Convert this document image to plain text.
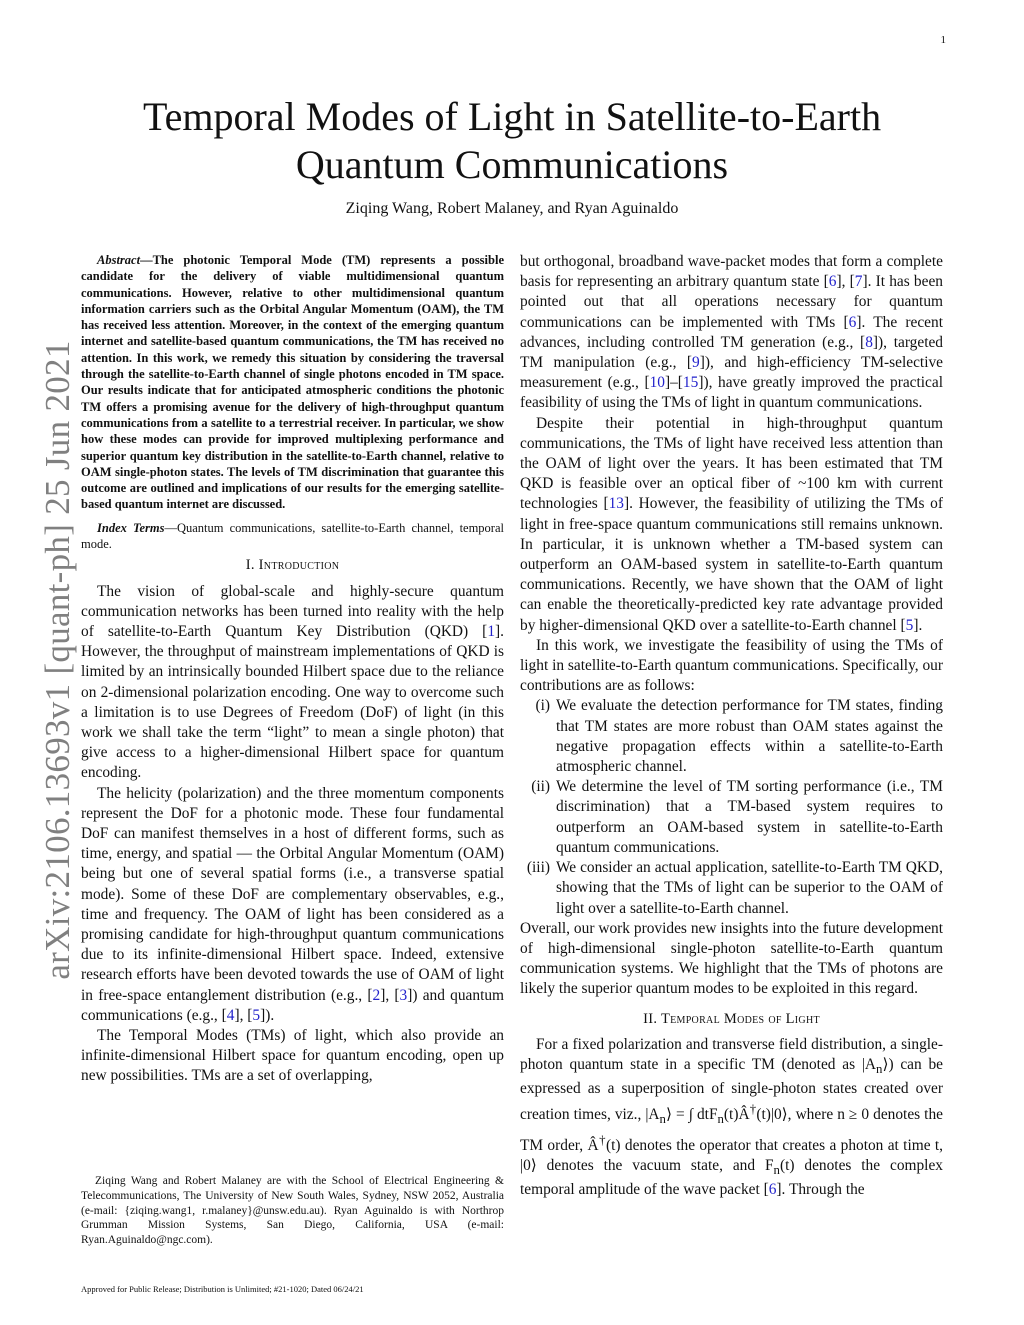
1
arXiv:2106.13693v1 [quant-ph] 25 Jun 2021
Temporal Modes of Light in Satellite-to-Earth
Quantum Communications
Ziqing Wang, Robert Malaney, and Ryan Aguinaldo

Abstract—The photonic Temporal Mode (TM) represents a possible candidate for the delivery of viable multidimensional quantum communications. However, relative to other multidimensional quantum information carriers such as the Orbital Angular Momentum (OAM), the TM has received less attention. Moreover, in the context of the emerging quantum internet and satellite-based quantum communications, the TM has received no attention. In this work, we remedy this situation by considering the traversal through the satellite-to-Earth channel of single photons encoded in TM space. Our results indicate that for anticipated atmospheric conditions the photonic TM offers a promising avenue for the delivery of high-throughput quantum communications from a satellite to a terrestrial receiver. In particular, we show how these modes can provide for improved multiplexing performance and superior quantum key distribution in the satellite-to-Earth channel, relative to OAM single-photon states. The levels of TM discrimination that guarantee this outcome are outlined and implications of our results for the emerging satellite-based quantum internet are discussed.

Index Terms—Quantum communications, satellite-to-Earth channel, temporal mode.

I. Introduction

The vision of global-scale and highly-secure quantum communication networks has been turned into reality with the help of satellite-to-Earth Quantum Key Distribution (QKD) [1]. However, the throughput of mainstream implementations of QKD is limited by an intrinsically bounded Hilbert space due to the reliance on 2-dimensional polarization encoding. One way to overcome such a limitation is to use Degrees of Freedom (DoF) of light (in this work we shall take the term “light” to mean a single photon) that give access to a higher-dimensional Hilbert space for quantum encoding.

The helicity (polarization) and the three momentum components represent the DoF for a photonic mode. These four fundamental DoF can manifest themselves in a host of different forms, such as time, energy, and spatial — the Orbital Angular Momentum (OAM) being but one of several spatial forms (i.e., a transverse spatial mode). Some of these DoF are complementary observables, e.g., time and frequency. The OAM of light has been considered as a promising candidate for high-throughput quantum communications due to its infinite-dimensional Hilbert space. Indeed, extensive research efforts have been devoted towards the use of OAM of light in free-space entanglement distribution (e.g., [2], [3]) and quantum communications (e.g., [4], [5]).

The Temporal Modes (TMs) of light, which also provide an infinite-dimensional Hilbert space for quantum encoding, open up new possibilities. TMs are a set of overlapping,

but orthogonal, broadband wave-packet modes that form a complete basis for representing an arbitrary quantum state [6], [7]. It has been pointed out that all operations necessary for quantum communications can be implemented with TMs [6]. The recent advances, including controlled TM generation (e.g., [8]), targeted TM manipulation (e.g., [9]), and high-efficiency TM-selective measurement (e.g., [10]–[15]), have greatly improved the practical feasibility of using the TMs of light in quantum communications.

Despite their potential in high-throughput quantum communications, the TMs of light have received less attention than the OAM of light over the years. It has been estimated that TM QKD is feasible over an optical fiber of ~100 km with current technologies [13]. However, the feasibility of utilizing the TMs of light in free-space quantum communications still remains unknown. In particular, it is unknown whether a TM-based system can outperform an OAM-based system in satellite-to-Earth quantum communications. Recently, we have shown that the OAM of light can enable the theoretically-predicted key rate advantage provided by higher-dimensional QKD over a satellite-to-Earth channel [5].

In this work, we investigate the feasibility of using the TMs of light in satellite-to-Earth quantum communications. Specifically, our contributions are as follows:

(i) We evaluate the detection performance for TM states, finding that TM states are more robust than OAM states against the negative propagation effects within a satellite-to-Earth atmospheric channel.
(ii) We determine the level of TM sorting performance (i.e., TM discrimination) that a TM-based system requires to outperform an OAM-based system in satellite-to-Earth quantum communications.
(iii) We consider an actual application, satellite-to-Earth TM QKD, showing that the TMs of light can be superior to the OAM of light over a satellite-to-Earth channel.

Overall, our work provides new insights into the future development of high-dimensional single-photon satellite-to-Earth quantum communication systems. We highlight that the TMs of photons are likely the superior quantum modes to be exploited in this regard.

II. Temporal Modes of Light

For a fixed polarization and transverse field distribution, a single-photon quantum state in a specific TM (denoted as $|A_n⟩$) can be expressed as a superposition of single-photon states created over creation times, viz., $|A_n⟩$ = ∫ dtF$_n$(t)Â†(t)|0⟩, where n ≥ 0 denotes the TM order, Â†(t) denotes the operator that creates a photon at time t, |0⟩ denotes the vacuum state, and $F_n(t)$ denotes the complex temporal amplitude of the wave packet [6]. Through the

Ziqing Wang and Robert Malaney are with the School of Electrical Engineering & Telecommunications, The University of New South Wales, Sydney, NSW 2052, Australia (e-mail: {ziqing.wang1, r.malaney}@unsw.edu.au). Ryan Aguinaldo is with Northrop Grumman Mission Systems, San Diego, California, USA (e-mail: Ryan.Aguinaldo@ngc.com).

Approved for Public Release; Distribution is Unlimited; #21-1020; Dated 06/24/21
